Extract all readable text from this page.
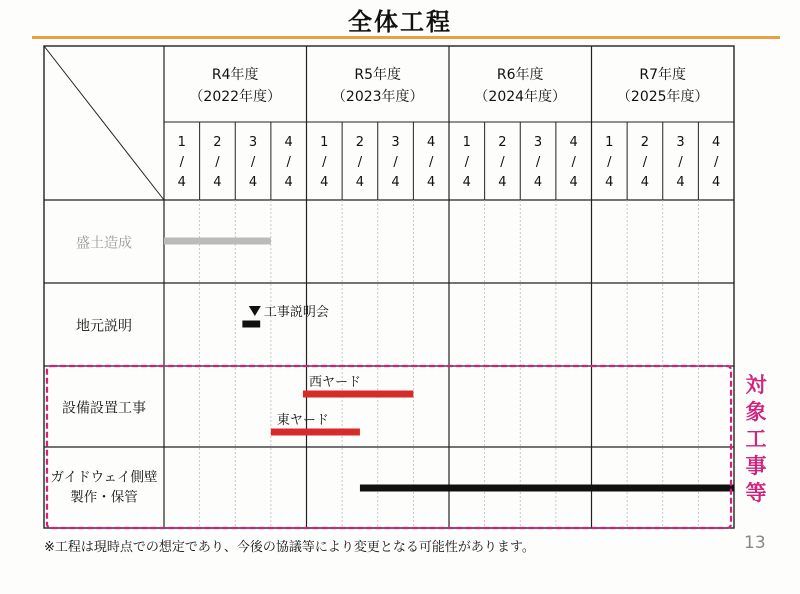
全体工程
R4年度
（2022年度）
R5年度
（2023年度）
R6年度
（2024年度）
R7年度
（2025年度）
1
/
4
2
/
4
3
/
4
4
/
4
1
/
4
2
/
4
3
/
4
4
/
4
1
/
4
2
/
4
3
/
4
4
/
4
1
/
4
2
/
4
3
/
4
4
/
4
盛土造成
地元説明
設備設置工事
ガイドウェイ側壁
製作・保管
西ヤード
東ヤード
工事説明会
対
象
工
事
等
※工程は現時点での想定であり、今後の協議等により変更となる可能性があります。	13
